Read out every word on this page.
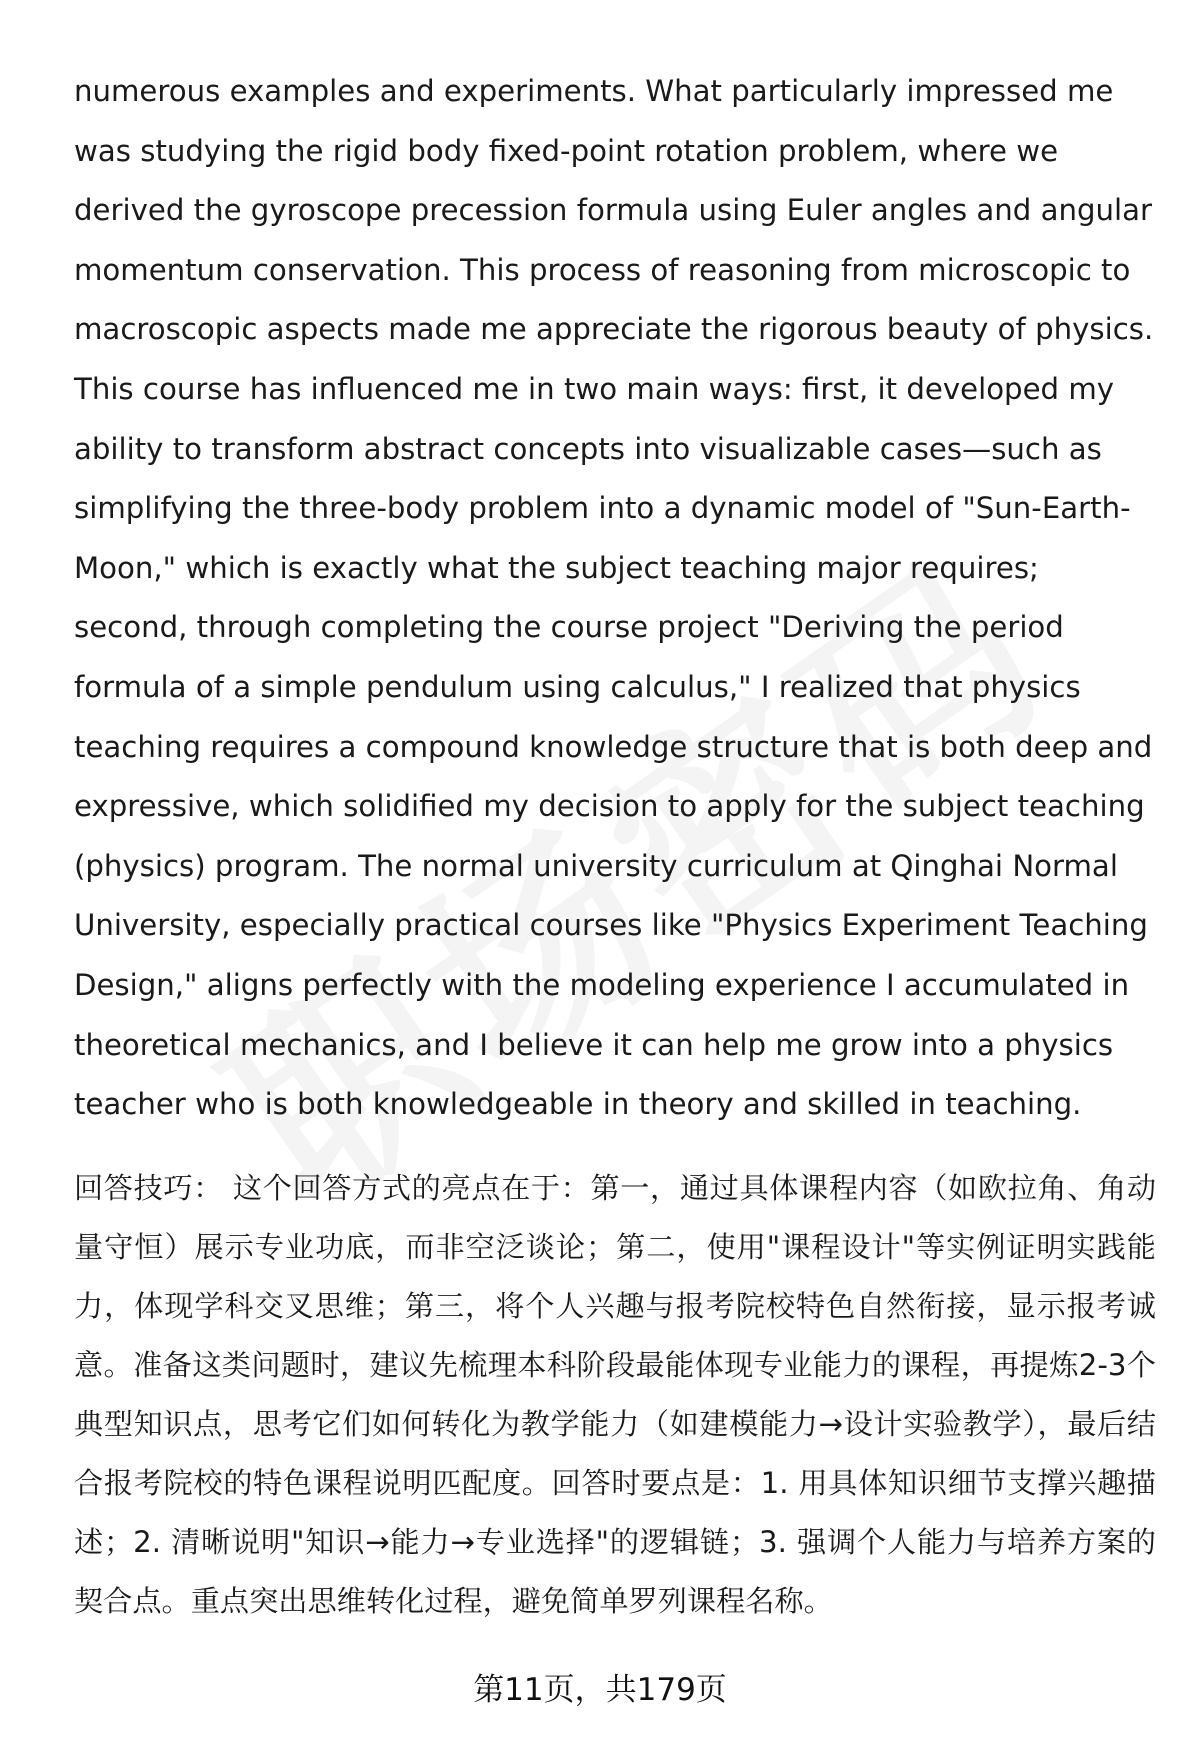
numerous examples and experiments. What particularly impressed me was studying the rigid body fixed-point rotation problem, where we derived the gyroscope precession formula using Euler angles and angular momentum conservation. This process of reasoning from microscopic to macroscopic aspects made me appreciate the rigorous beauty of physics. This course has influenced me in two main ways: first, it developed my ability to transform abstract concepts into visualizable cases—such as simplifying the three-body problem into a dynamic model of "Sun-Earth-Moon," which is exactly what the subject teaching major requires; second, through completing the course project "Deriving the period formula of a simple pendulum using calculus," I realized that physics teaching requires a compound knowledge structure that is both deep and expressive, which solidified my decision to apply for the subject teaching (physics) program. The normal university curriculum at Qinghai Normal University, especially practical courses like "Physics Experiment Teaching Design," aligns perfectly with the modeling experience I accumulated in theoretical mechanics, and I believe it can help me grow into a physics teacher who is both knowledgeable in theory and skilled in teaching.

回答技巧： 这个回答方式的亮点在于：第一，通过具体课程内容（如欧拉角、角动量守恒）展示专业功底，而非空泛谈论；第二，使用"课程设计"等实例证明实践能力，体现学科交叉思维；第三，将个人兴趣与报考院校特色自然衔接，显示报考诚意。准备这类问题时，建议先梳理本科阶段最能体现专业能力的课程，再提炼2-3个典型知识点，思考它们如何转化为教学能力（如建模能力→设计实验教学），最后结合报考院校的特色课程说明匹配度。回答时要点是：1. 用具体知识细节支撑兴趣描述；2. 清晰说明"知识→能力→专业选择"的逻辑链；3. 强调个人能力与培养方案的契合点。重点突出思维转化过程，避免简单罗列课程名称。

第11页，共179页
